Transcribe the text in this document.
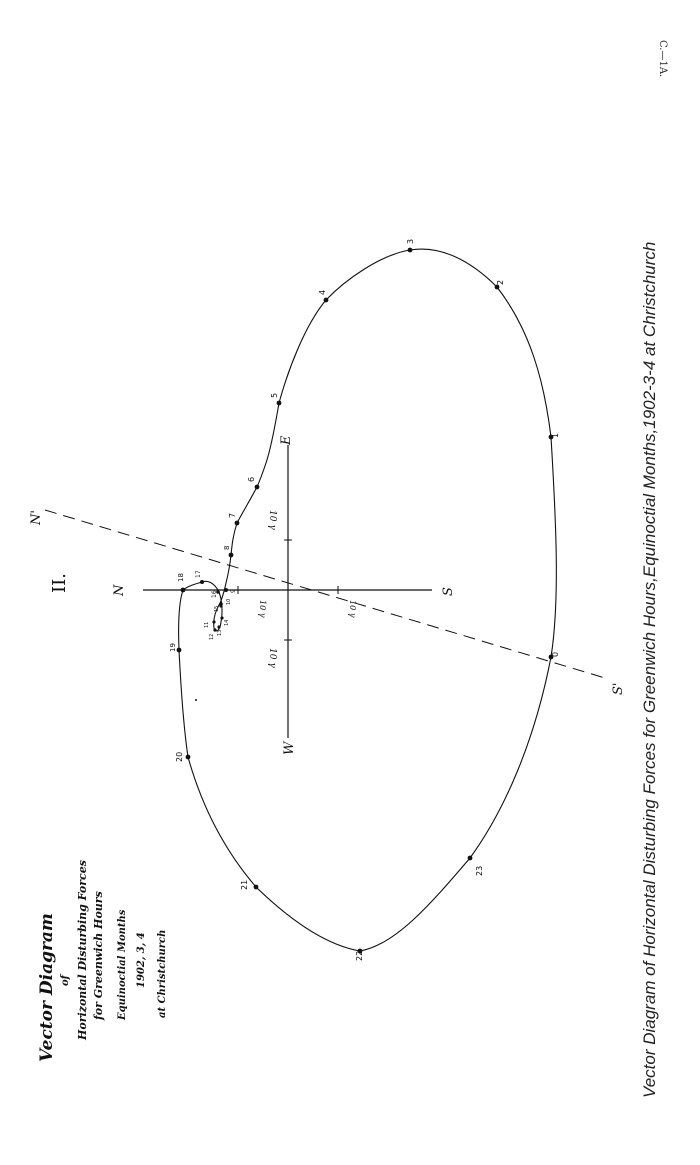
C.—1A.
Vector Diagram of Horizontal Disturbing Forces for Greenwich Hours,Equinoctial Months,1902-3-4 at Christchurch
Vector Diagram of Horizontal Disturbing Forces for Greenwich Hours Equinoctial Months 1902, 3, 4 at Christchurch
II.	N	S
E
W
N'
S'
10 γ
10 γ
10 γ	10 γ
0
1
2
3
4
5
6
7
8
9
10
11
12
13
14
15
16
17
18
19
20
21
22
23
